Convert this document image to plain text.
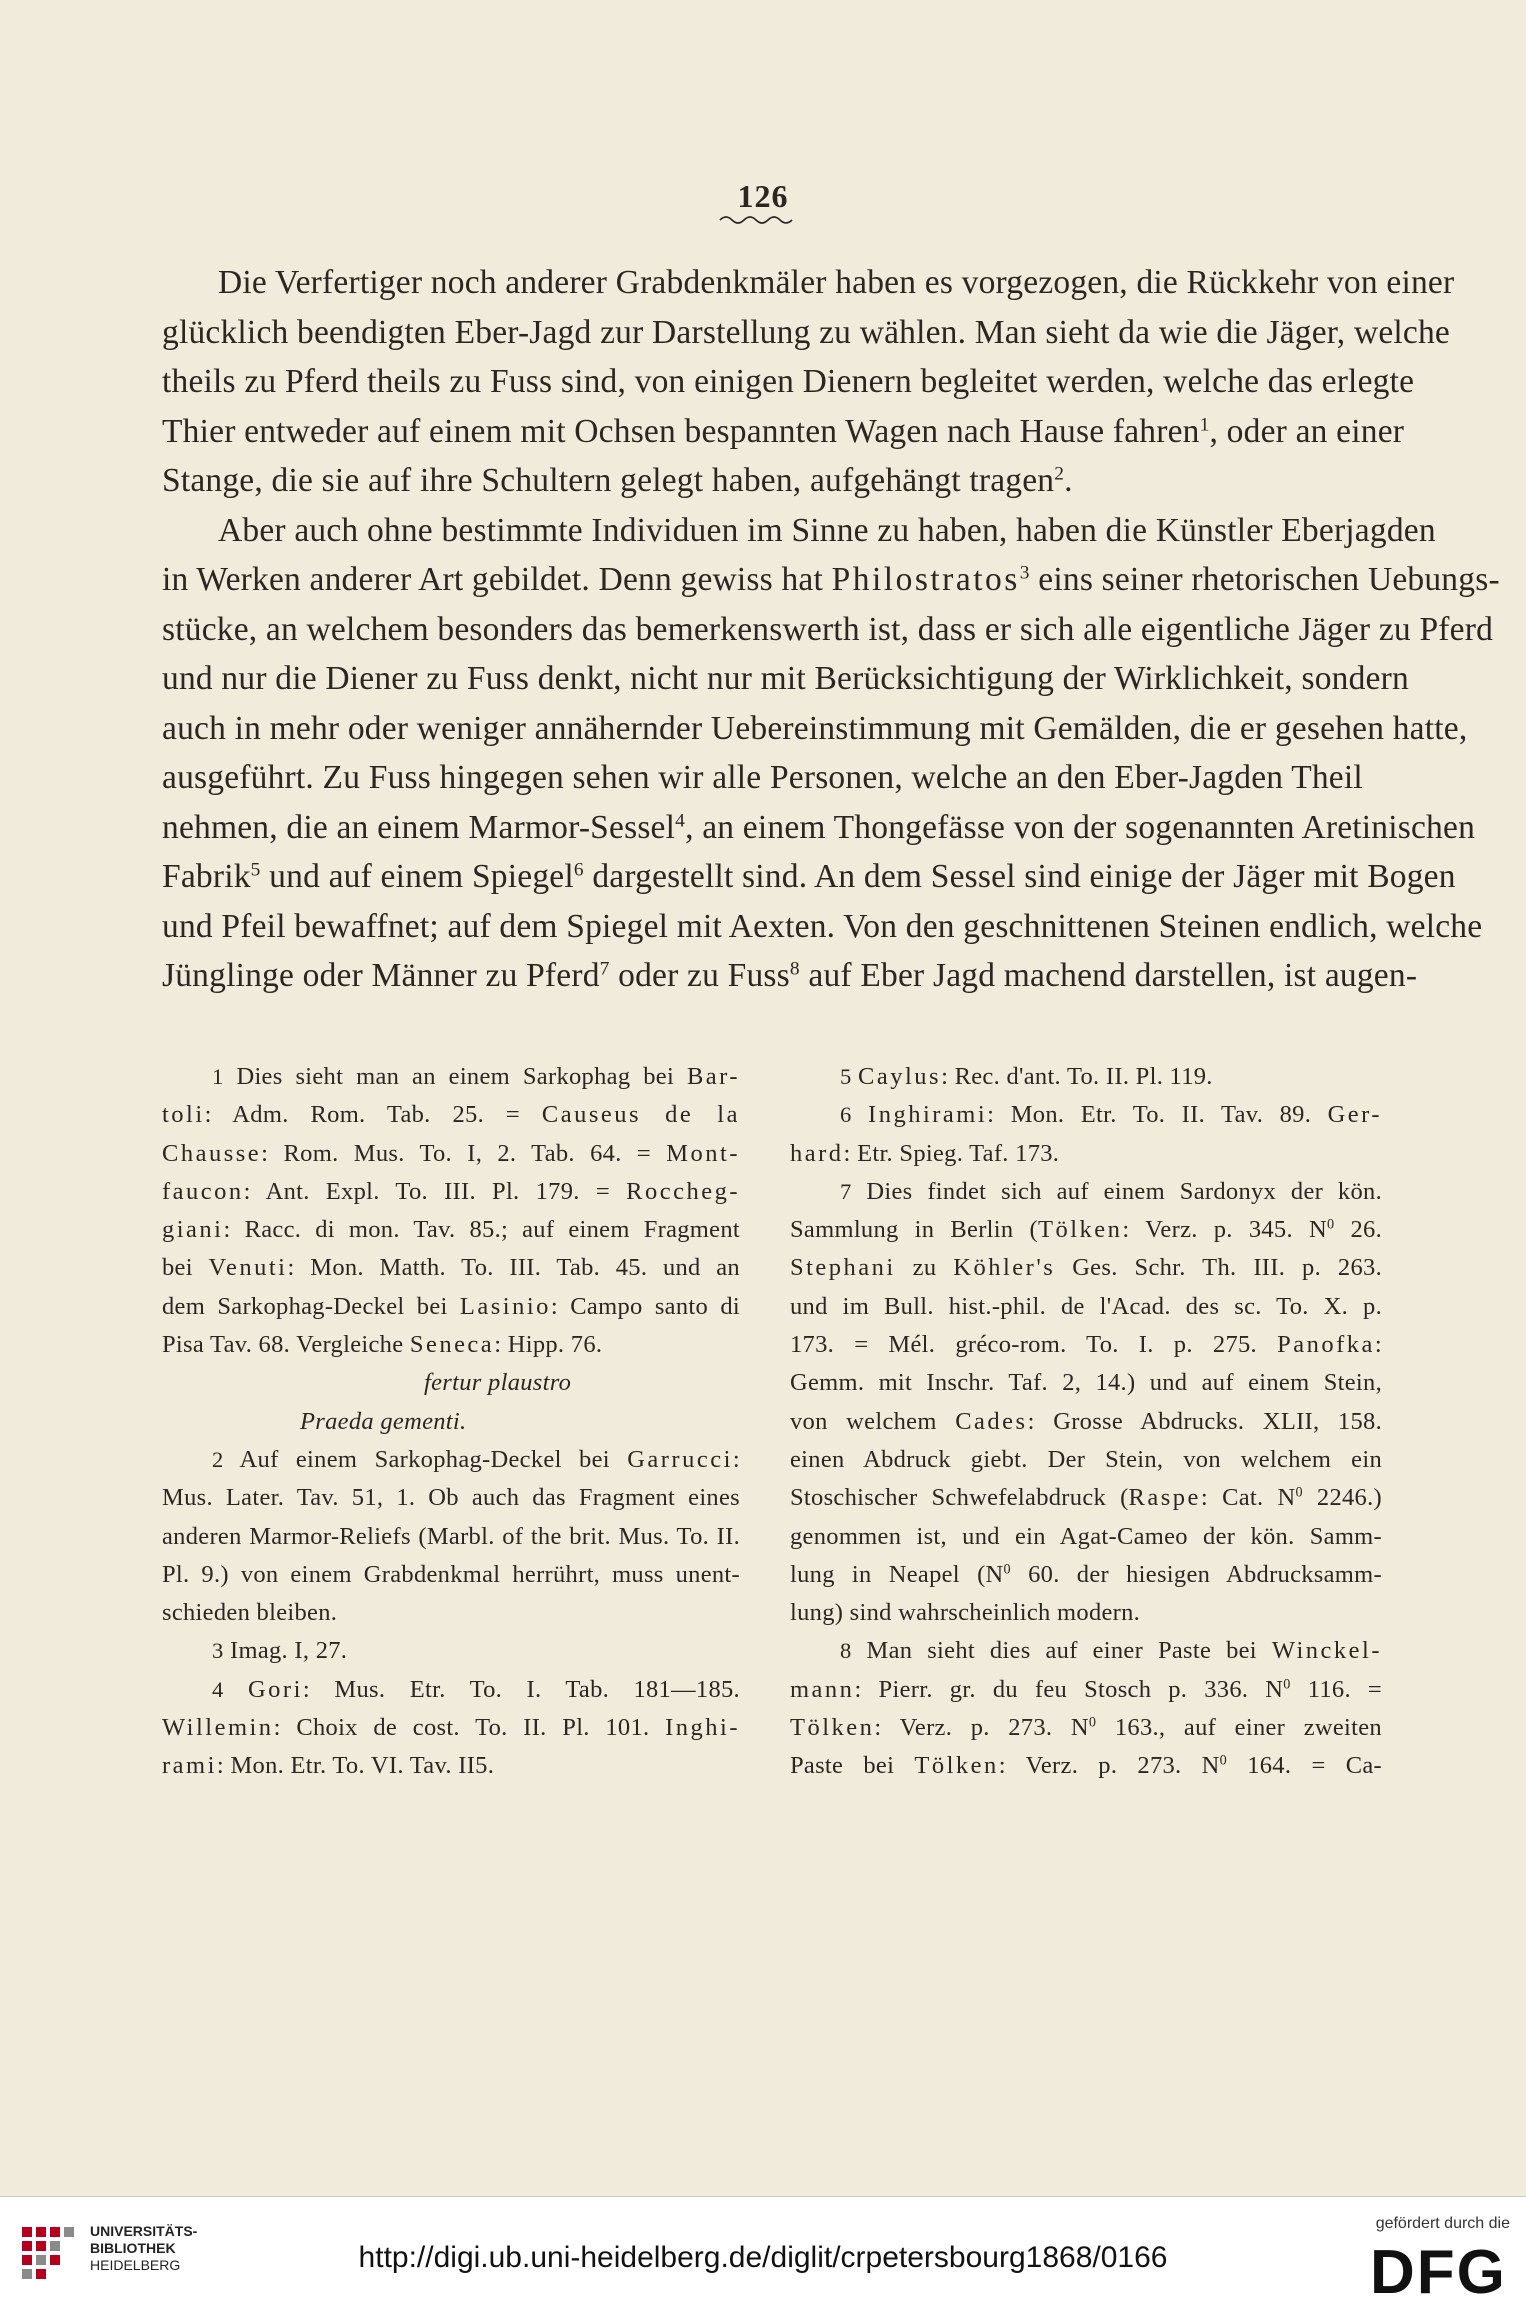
126
Die Verfertiger noch anderer Grabdenkmäler haben es vorgezogen, die Rückkehr von einer
glücklich beendigten Eber-Jagd zur Darstellung zu wählen. Man sieht da wie die Jäger, welche
theils zu Pferd theils zu Fuss sind, von einigen Dienern begleitet werden, welche das erlegte
Thier entweder auf einem mit Ochsen bespannten Wagen nach Hause fahren$^1$, oder an einer
Stange, die sie auf ihre Schultern gelegt haben, aufgehängt tragen$^2$.
Aber auch ohne bestimmte Individuen im Sinne zu haben, haben die Künstler Eberjagden
in Werken anderer Art gebildet. Denn gewiss hat Philostratos$^3$ eins seiner rhetorischen Uebungs-
stücke, an welchem besonders das bemerkenswerth ist, dass er sich alle eigentliche Jäger zu Pferd
und nur die Diener zu Fuss denkt, nicht nur mit Berücksichtigung der Wirklichkeit, sondern
auch in mehr oder weniger annähernder Uebereinstimmung mit Gemälden, die er gesehen hatte,
ausgeführt. Zu Fuss hingegen sehen wir alle Personen, welche an den Eber-Jagden Theil
nehmen, die an einem Marmor-Sessel$^4$, an einem Thongefässe von der sogenannten Aretinischen
Fabrik$^5$ und auf einem Spiegel$^6$ dargestellt sind. An dem Sessel sind einige der Jäger mit Bogen
und Pfeil bewaffnet; auf dem Spiegel mit Aexten. Von den geschnittenen Steinen endlich, welche
Jünglinge oder Männer zu Pferd$^7$ oder zu Fuss$^8$ auf Eber Jagd machend darstellen, ist augen-
1 Dies sieht man an einem Sarkophag bei Bar-
toli: Adm. Rom. Tab. 25. = Causeus de la
Chausse: Rom. Mus. To. I, 2. Tab. 64. = Mont-
faucon: Ant. Expl. To. III. Pl. 179. = Roccheg-
giani: Racc. di mon. Tav. 85.; auf einem Fragment
bei Venuti: Mon. Matth. To. III. Tab. 45. und an
dem Sarkophag-Deckel bei Lasinio: Campo santo di
Pisa Tav. 68. Vergleiche Seneca: Hipp. 76.
fertur plaustro
Praeda gementi.
2 Auf einem Sarkophag-Deckel bei Garrucci:
Mus. Later. Tav. 51, 1. Ob auch das Fragment eines
anderen Marmor-Reliefs (Marbl. of the brit. Mus. To. II.
Pl. 9.) von einem Grabdenkmal herrührt, muss unent-
schieden bleiben.
3 Imag. I, 27.
4 Gori: Mus. Etr. To. I. Tab. 181—185.
Willemin: Choix de cost. To. II. Pl. 101. Inghi-
rami: Mon. Etr. To. VI. Tav. II5.
5 Caylus: Rec. d'ant. To. II. Pl. 119.
6 Inghirami: Mon. Etr. To. II. Tav. 89. Ger-
hard: Etr. Spieg. Taf. 173.
7 Dies findet sich auf einem Sardonyx der kön.
Sammlung in Berlin (Tölken: Verz. p. 345. $N^0$ 26.
Stephani zu Köhler's Ges. Schr. Th. III. p. 263.
und im Bull. hist.-phil. de l'Acad. des sc. To. X. p.
173. = Mél. gréco-rom. To. I. p. 275. Panofka:
Gemm. mit Inschr. Taf. 2, 14.) und auf einem Stein,
von welchem Cades: Grosse Abdrucks. XLII, 158.
einen Abdruck giebt. Der Stein, von welchem ein
Stoschischer Schwefelabdruck (Raspe: Cat. $N^0$ 2246.)
genommen ist, und ein Agat-Cameo der kön. Samm-
lung in Neapel ($N^0$ 60. der hiesigen Abdrucksamm-
lung) sind wahrscheinlich modern.
8 Man sieht dies auf einer Paste bei Winckel-
mann: Pierr. gr. du feu Stosch p. 336. $N^0$ 116. =
Tölken: Verz. p. 273. $N^0$ 163., auf einer zweiten
Paste bei Tölken: Verz. p. 273. $N^0$ 164. = Ca-
UNIVERSITÄTS-
BIBLIOTHEK
HEIDELBERG	http://digi.ub.uni-heidelberg.de/diglit/crpetersbourg1868/0166
gefördert durch die
DFG
